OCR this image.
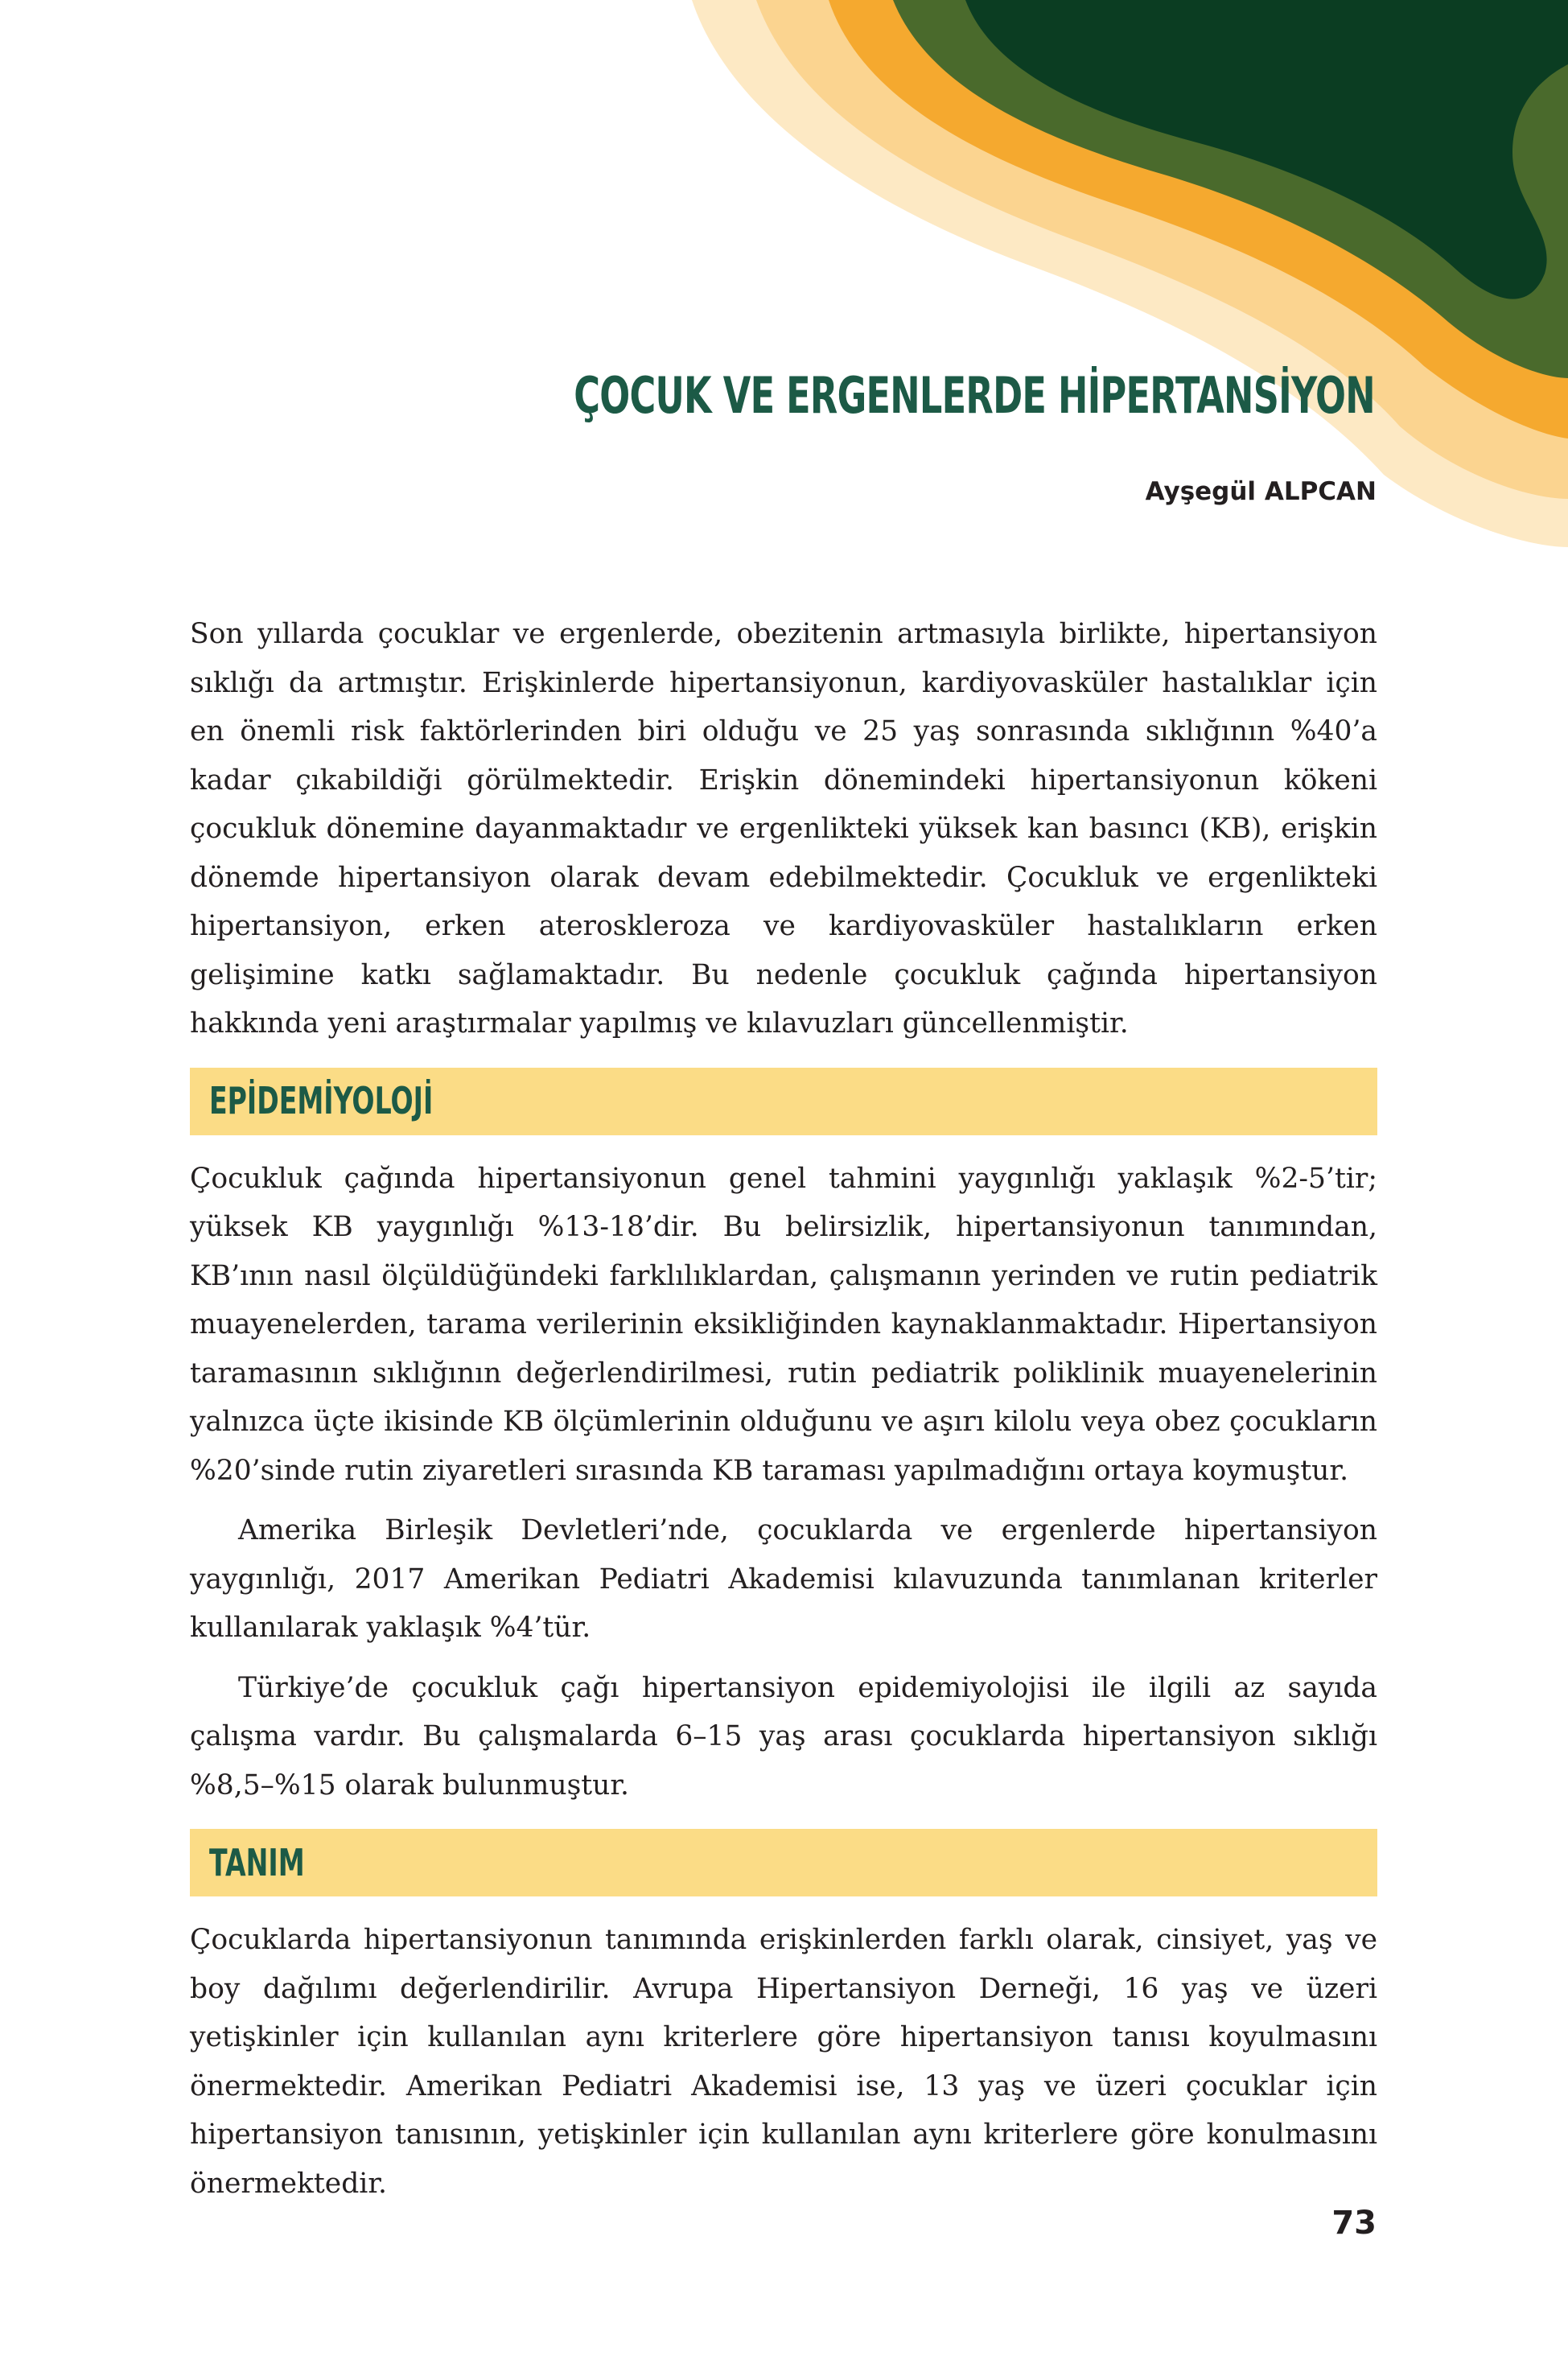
ÇOCUK VE ERGENLERDE HİPERTANSİYON

Ayşegül ALPCAN

Son yıllarda çocuklar ve ergenlerde, obezitenin artmasıyla birlikte, hipertansiyon sıklığı da artmıştır. Erişkinlerde hipertansiyonun, kardiyovasküler hastalıklar için en önemli risk faktörlerinden biri olduğu ve 25 yaş sonrasında sıklığının %40’a kadar çıkabildiği görülmektedir. Erişkin dönemindeki hipertansiyonun kökeni çocukluk dönemine dayanmaktadır ve ergenlikteki yüksek kan basıncı (KB), erişkin dönemde hipertansiyon olarak devam edebilmektedir. Çocukluk ve ergenlikteki hipertansiyon, erken ateroskleroza ve kardiyovasküler hastalıkların erken gelişimine katkı sağlamaktadır. Bu nedenle çocukluk çağında hipertansiyon hakkında yeni araştırmalar yapılmış ve kılavuzları güncellenmiştir.

EPİDEMİYOLOJİ

Çocukluk çağında hipertansiyonun genel tahmini yaygınlığı yaklaşık %2-5’tir; yüksek KB yaygınlığı %13-18’dir. Bu belirsizlik, hipertansiyonun tanımından, KB’ının nasıl ölçüldüğündeki farklılıklardan, çalışmanın yerinden ve rutin pediatrik muayenelerden, tarama verilerinin eksikliğinden kaynaklanmaktadır. Hipertansiyon taramasının sıklığının değerlendirilmesi, rutin pediatrik poliklinik muayenelerinin yalnızca üçte ikisinde KB ölçümlerinin olduğunu ve aşırı kilolu veya obez çocukların %20’sinde rutin ziyaretleri sırasında KB taraması yapılmadığını ortaya koymuştur.

Amerika Birleşik Devletleri’nde, çocuklarda ve ergenlerde hipertansiyon yaygınlığı, 2017 Amerikan Pediatri Akademisi kılavuzunda tanımlanan kriterler kullanılarak yaklaşık %4’tür.

Türkiye’de çocukluk çağı hipertansiyon epidemiyolojisi ile ilgili az sayıda çalışma vardır. Bu çalışmalarda 6–15 yaş arası çocuklarda hipertansiyon sıklığı %8,5–%15 olarak bulunmuştur.

TANIM

Çocuklarda hipertansiyonun tanımında erişkinlerden farklı olarak, cinsiyet, yaş ve boy dağılımı değerlendirilir. Avrupa Hipertansiyon Derneği, 16 yaş ve üzeri yetişkinler için kullanılan aynı kriterlere göre hipertansiyon tanısı koyulmasını önermektedir. Amerikan Pediatri Akademisi ise, 13 yaş ve üzeri çocuklar için hipertansiyon tanısının, yetişkinler için kullanılan aynı kriterlere göre konulmasını önermektedir.

73
